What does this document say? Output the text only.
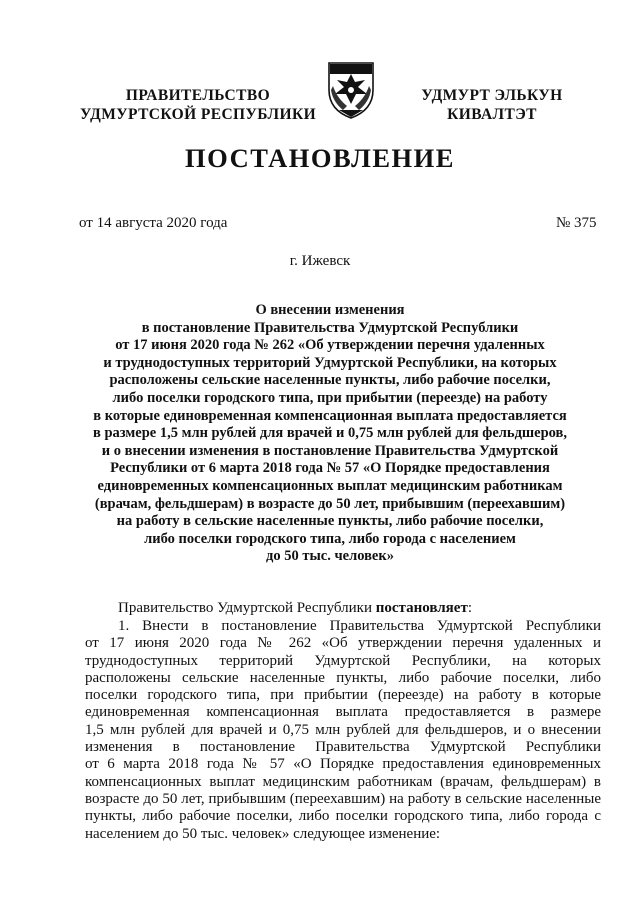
ПРАВИТЕЛЬСТВО
УДМУРТСКОЙ РЕСПУБЛИКИ
УДМУРТ ЭЛЬКУН
КИВАЛТЭТ
ПОСТАНОВЛЕНИЕ
от 14 августа 2020 года	№ 375
г. Ижевск
О внесении изменения
в постановление Правительства Удмуртской Республики
от 17 июня 2020 года № 262 «Об утверждении перечня удаленных
и труднодоступных территорий Удмуртской Республики, на которых
расположены сельские населенные пункты, либо рабочие поселки,
либо поселки городского типа, при прибытии (переезде) на работу
в которые единовременная компенсационная выплата предоставляется
в размере 1,5 млн рублей для врачей и 0,75 млн рублей для фельдшеров,
и о внесении изменения в постановление Правительства Удмуртской
Республики от 6 марта 2018 года № 57 «О Порядке предоставления
единовременных компенсационных выплат медицинским работникам
(врачам, фельдшерам) в возрасте до 50 лет, прибывшим (переехавшим)
на работу в сельские населенные пункты, либо рабочие поселки,
либо поселки городского типа, либо города с населением
до 50 тыс. человек»
Правительство Удмуртской Республики постановляет:
1. Внести в постановление Правительства Удмуртской Республики
от 17 июня 2020 года № 262 «Об утверждении перечня удаленных и
труднодоступных территорий Удмуртской Республики, на которых
расположены сельские населенные пункты, либо рабочие поселки, либо
поселки городского типа, при прибытии (переезде) на работу в которые
единовременная компенсационная выплата предоставляется в размере
1,5 млн рублей для врачей и 0,75 млн рублей для фельдшеров, и о внесении
изменения в постановление Правительства Удмуртской Республики
от 6 марта 2018 года № 57 «О Порядке предоставления единовременных
компенсационных выплат медицинским работникам (врачам, фельдшерам) в
возрасте до 50 лет, прибывшим (переехавшим) на работу в сельские населенные
пункты, либо рабочие поселки, либо поселки городского типа, либо города с
населением до 50 тыс. человек» следующее изменение:
